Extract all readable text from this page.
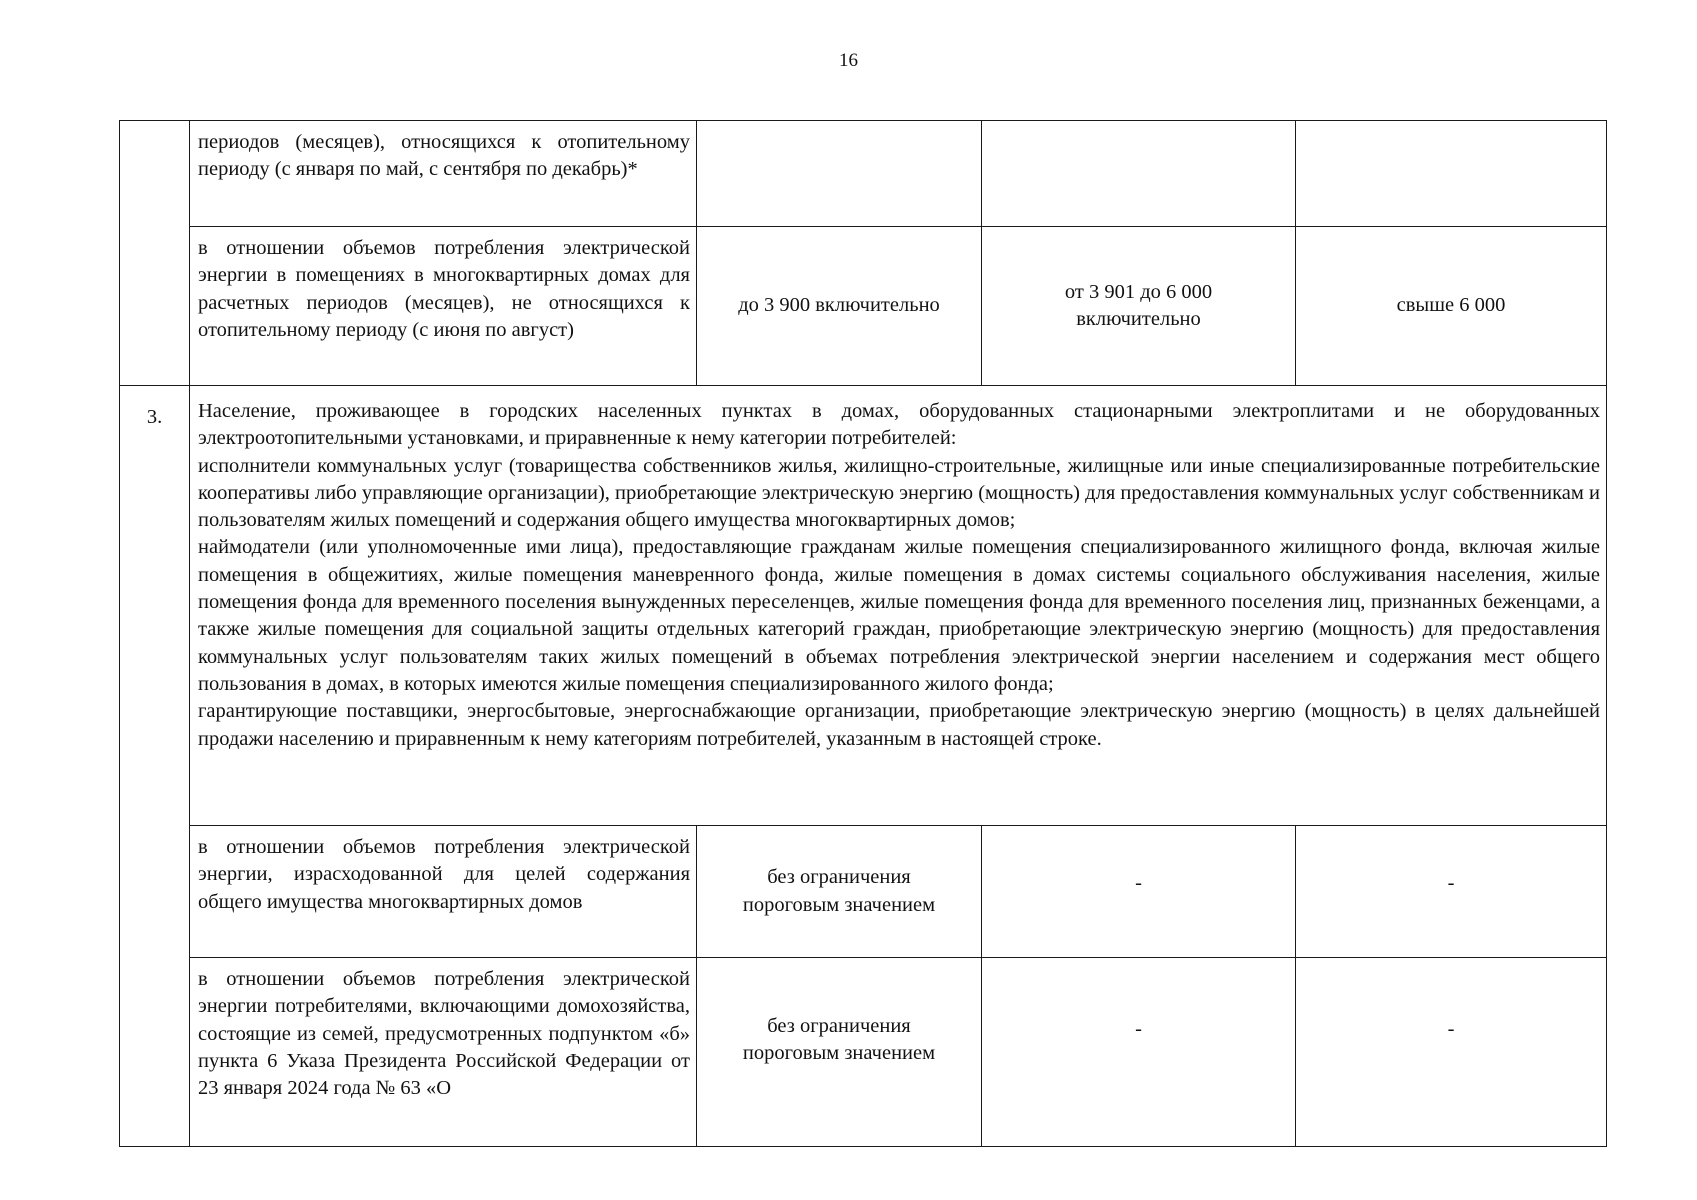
16

	периодов (месяцев), относящихся к отопительному периоду (с января по май, с сентября по декабрь)*			

	в отношении объемов потребления электрической энергии в помещениях в многоквартирных домах для расчетных периодов (месяцев), не относящихся к отопительному периоду (с июня по август)	до 3 900 включительно	от 3 901 до 6 000 включительно	свыше 6 000
3.	Население, проживающее в городских населенных пунктах в домах, оборудованных стационарными электроплитами и не оборудованных электроотопительными установками, и приравненные к нему категории потребителей:

исполнители коммунальных услуг (товарищества собственников жилья, жилищно-строительные, жилищные или иные специализированные потребительские кооперативы либо управляющие организации), приобретающие электрическую энергию (мощность) для предоставления коммунальных услуг собственникам и пользователям жилых помещений и содержания общего имущества многоквартирных домов;

наймодатели (или уполномоченные ими лица), предоставляющие гражданам жилые помещения специализированного жилищного фонда, включая жилые помещения в общежитиях, жилые помещения маневренного фонда, жилые помещения в домах системы социального обслуживания населения, жилые помещения фонда для временного поселения вынужденных переселенцев, жилые помещения фонда для временного поселения лиц, признанных беженцами, а также жилые помещения для социальной защиты отдельных категорий граждан, приобретающие электрическую энергию (мощность) для предоставления коммунальных услуг пользователям таких жилых помещений в объемах потребления электрической энергии населением и содержания мест общего пользования в домах, в которых имеются жилые помещения специализированного жилого фонда;

гарантирующие поставщики, энергосбытовые, энергоснабжающие организации, приобретающие электрическую энергию (мощность) в целях дальнейшей продажи населению и приравненным к нему категориям потребителей, указанным в настоящей строке.			

	в отношении объемов потребления электрической энергии, израсходованной для целей содержания общего имущества многоквартирных домов	без ограничения пороговым значением	-	-

	в отношении объемов потребления электрической энергии потребителями, включающими домохозяйства, состоящие из семей, предусмотренных подпунктом «б» пункта 6 Указа Президента Российской Федерации от 23 января 2024 года № 63 «О	без ограничения пороговым значением	-	-
